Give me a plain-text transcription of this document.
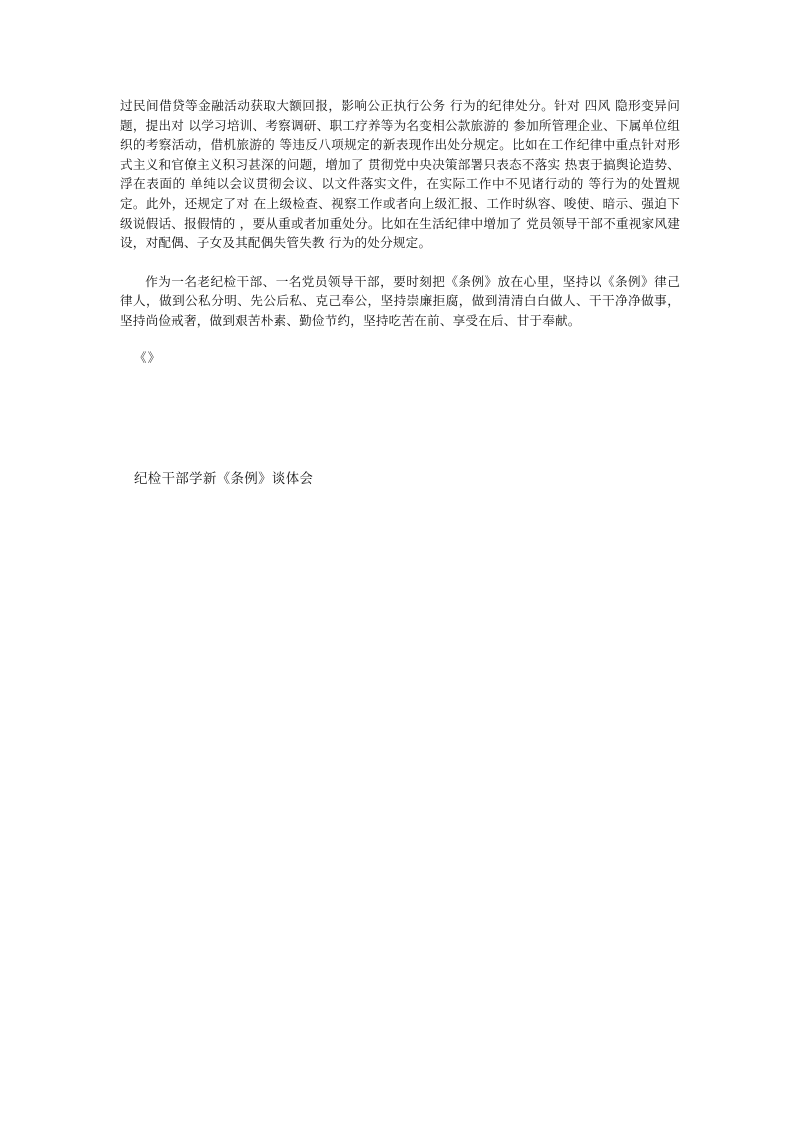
过民间借贷等金融活动获取大额回报，影响公正执行公务 行为的纪律处分。针对 四风 隐形变异问题，提出对 以学习培训、考察调研、职工疗养等为名变相公款旅游的 参加所管理企业、下属单位组织的考察活动，借机旅游的 等违反八项规定的新表现作出处分规定。比如在工作纪律中重点针对形式主义和官僚主义积习甚深的问题，增加了 贯彻党中央决策部署只表态不落实 热衷于搞舆论造势、浮在表面的 单纯以会议贯彻会议、以文件落实文件，在实际工作中不见诸行动的 等行为的处置规定。此外，还规定了对 在上级检查、视察工作或者向上级汇报、工作时纵容、唆使、暗示、强迫下级说假话、报假情的 ，要从重或者加重处分。比如在生活纪律中增加了 党员领导干部不重视家风建设，对配偶、子女及其配偶失管失教 行为的处分规定。

作为一名老纪检干部、一名党员领导干部，要时刻把《条例》放在心里，坚持以《条例》律己律人，做到公私分明、先公后私、克己奉公，坚持崇廉拒腐，做到清清白白做人、干干净净做事，坚持尚俭戒奢，做到艰苦朴素、勤俭节约，坚持吃苦在前、享受在后、甘于奉献。

《》
纪检干部学新《条例》谈体会
